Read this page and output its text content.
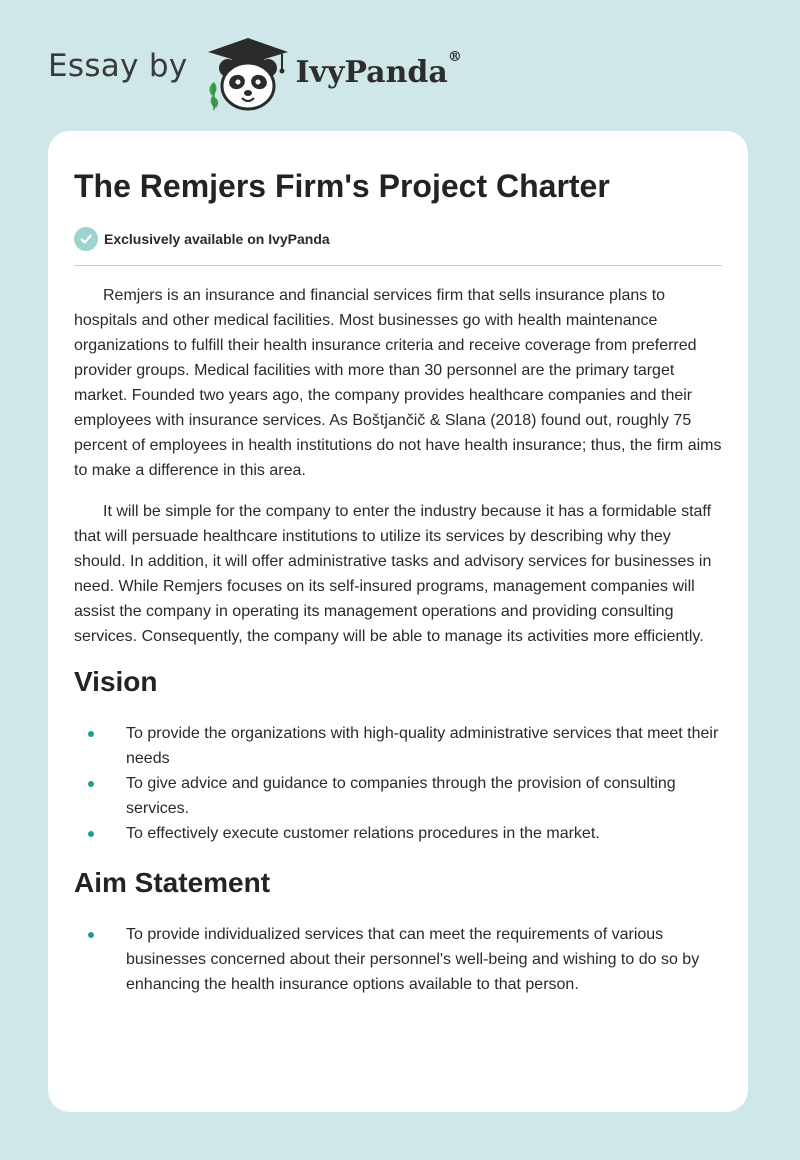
Essay by	IvyPanda®
The Remjers Firm's Project Charter
Exclusively available on IvyPanda

Remjers is an insurance and financial services firm that sells insurance plans to hospitals and other medical facilities. Most businesses go with health maintenance organizations to fulfill their health insurance criteria and receive coverage from preferred provider groups. Medical facilities with more than 30 personnel are the primary target market. Founded two years ago, the company provides healthcare companies and their employees with insurance services. As Boštjančič & Slana (2018) found out, roughly 75 percent of employees in health institutions do not have health insurance; thus, the firm aims to make a difference in this area.

It will be simple for the company to enter the industry because it has a formidable staff that will persuade healthcare institutions to utilize its services by describing why they should. In addition, it will offer administrative tasks and advisory services for businesses in need. While Remjers focuses on its self-insured programs, management companies will assist the company in operating its management operations and providing consulting services. Consequently, the company will be able to manage its activities more efficiently.

Vision
To provide the organizations with high-quality administrative services that meet their needs
To give advice and guidance to companies through the provision of consulting services.
To effectively execute customer relations procedures in the market.
Aim Statement
To provide individualized services that can meet the requirements of various businesses concerned about their personnel's well-being and wishing to do so by enhancing the health insurance options available to that person.
